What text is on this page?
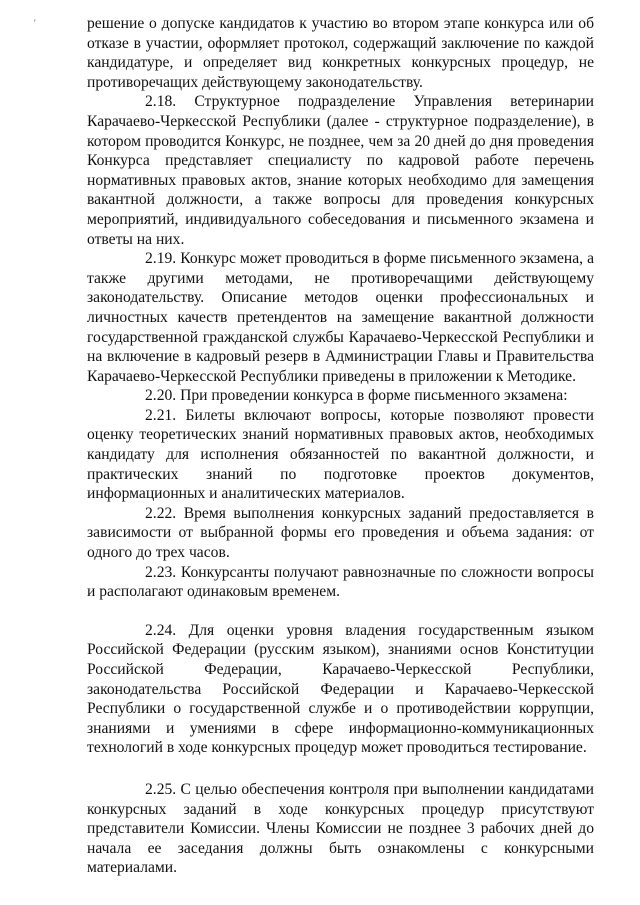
'	решение о допуске кандидатов к участию во втором этапе конкурса или об отказе в участии, оформляет протокол, содержащий заключение по каждой кандидатуре, и определяет вид конкретных конкурсных процедур, не противоречащих действующему законодательству.

2.18. Структурное подразделение Управления ветеринарии Карачаево-Черкесской Республики (далее - структурное подразделение), в котором проводится Конкурс, не позднее, чем за 20 дней до дня проведения Конкурса представляет специалисту по кадровой работе перечень нормативных правовых актов, знание которых необходимо для замещения вакантной должности, а также вопросы для проведения конкурсных мероприятий, индивидуального собеседования и письменного экзамена и ответы на них.

2.19. Конкурс может проводиться в форме письменного экзамена, а также другими методами, не противоречащими действующему законодательству. Описание методов оценки профессиональных и личностных качеств претендентов на замещение вакантной должности государственной гражданской службы Карачаево-Черкесской Республики и на включение в кадровый резерв в Администрации Главы и Правительства Карачаево-Черкесской Республики приведены в приложении к Методике.

2.20. При проведении конкурса в форме письменного экзамена:

2.21. Билеты включают вопросы, которые позволяют провести оценку теоретических знаний нормативных правовых актов, необходимых кандидату для исполнения обязанностей по вакантной должности, и практических знаний по подготовке проектов документов, информационных и аналитических материалов.

2.22. Время выполнения конкурсных заданий предоставляется в зависимости от выбранной формы его проведения и объема задания: от одного до трех часов.

2.23. Конкурсанты получают равнозначные по сложности вопросы и располагают одинаковым временем.

2.24. Для оценки уровня владения государственным языком Российской Федерации (русским языком), знаниями основ Конституции Российской Федерации, Карачаево-Черкесской Республики, законодательства Российской Федерации и Карачаево-Черкесской Республики о государственной службе и о противодействии коррупции, знаниями и умениями в сфере информационно-коммуникационных технологий в ходе конкурсных процедур может проводиться тестирование.

2.25. С целью обеспечения контроля при выполнении кандидатами конкурсных заданий в ходе конкурсных процедур присутствуют представители Комиссии. Члены Комиссии не позднее 3 рабочих дней до начала ее заседания должны быть ознакомлены с конкурсными материалами.
